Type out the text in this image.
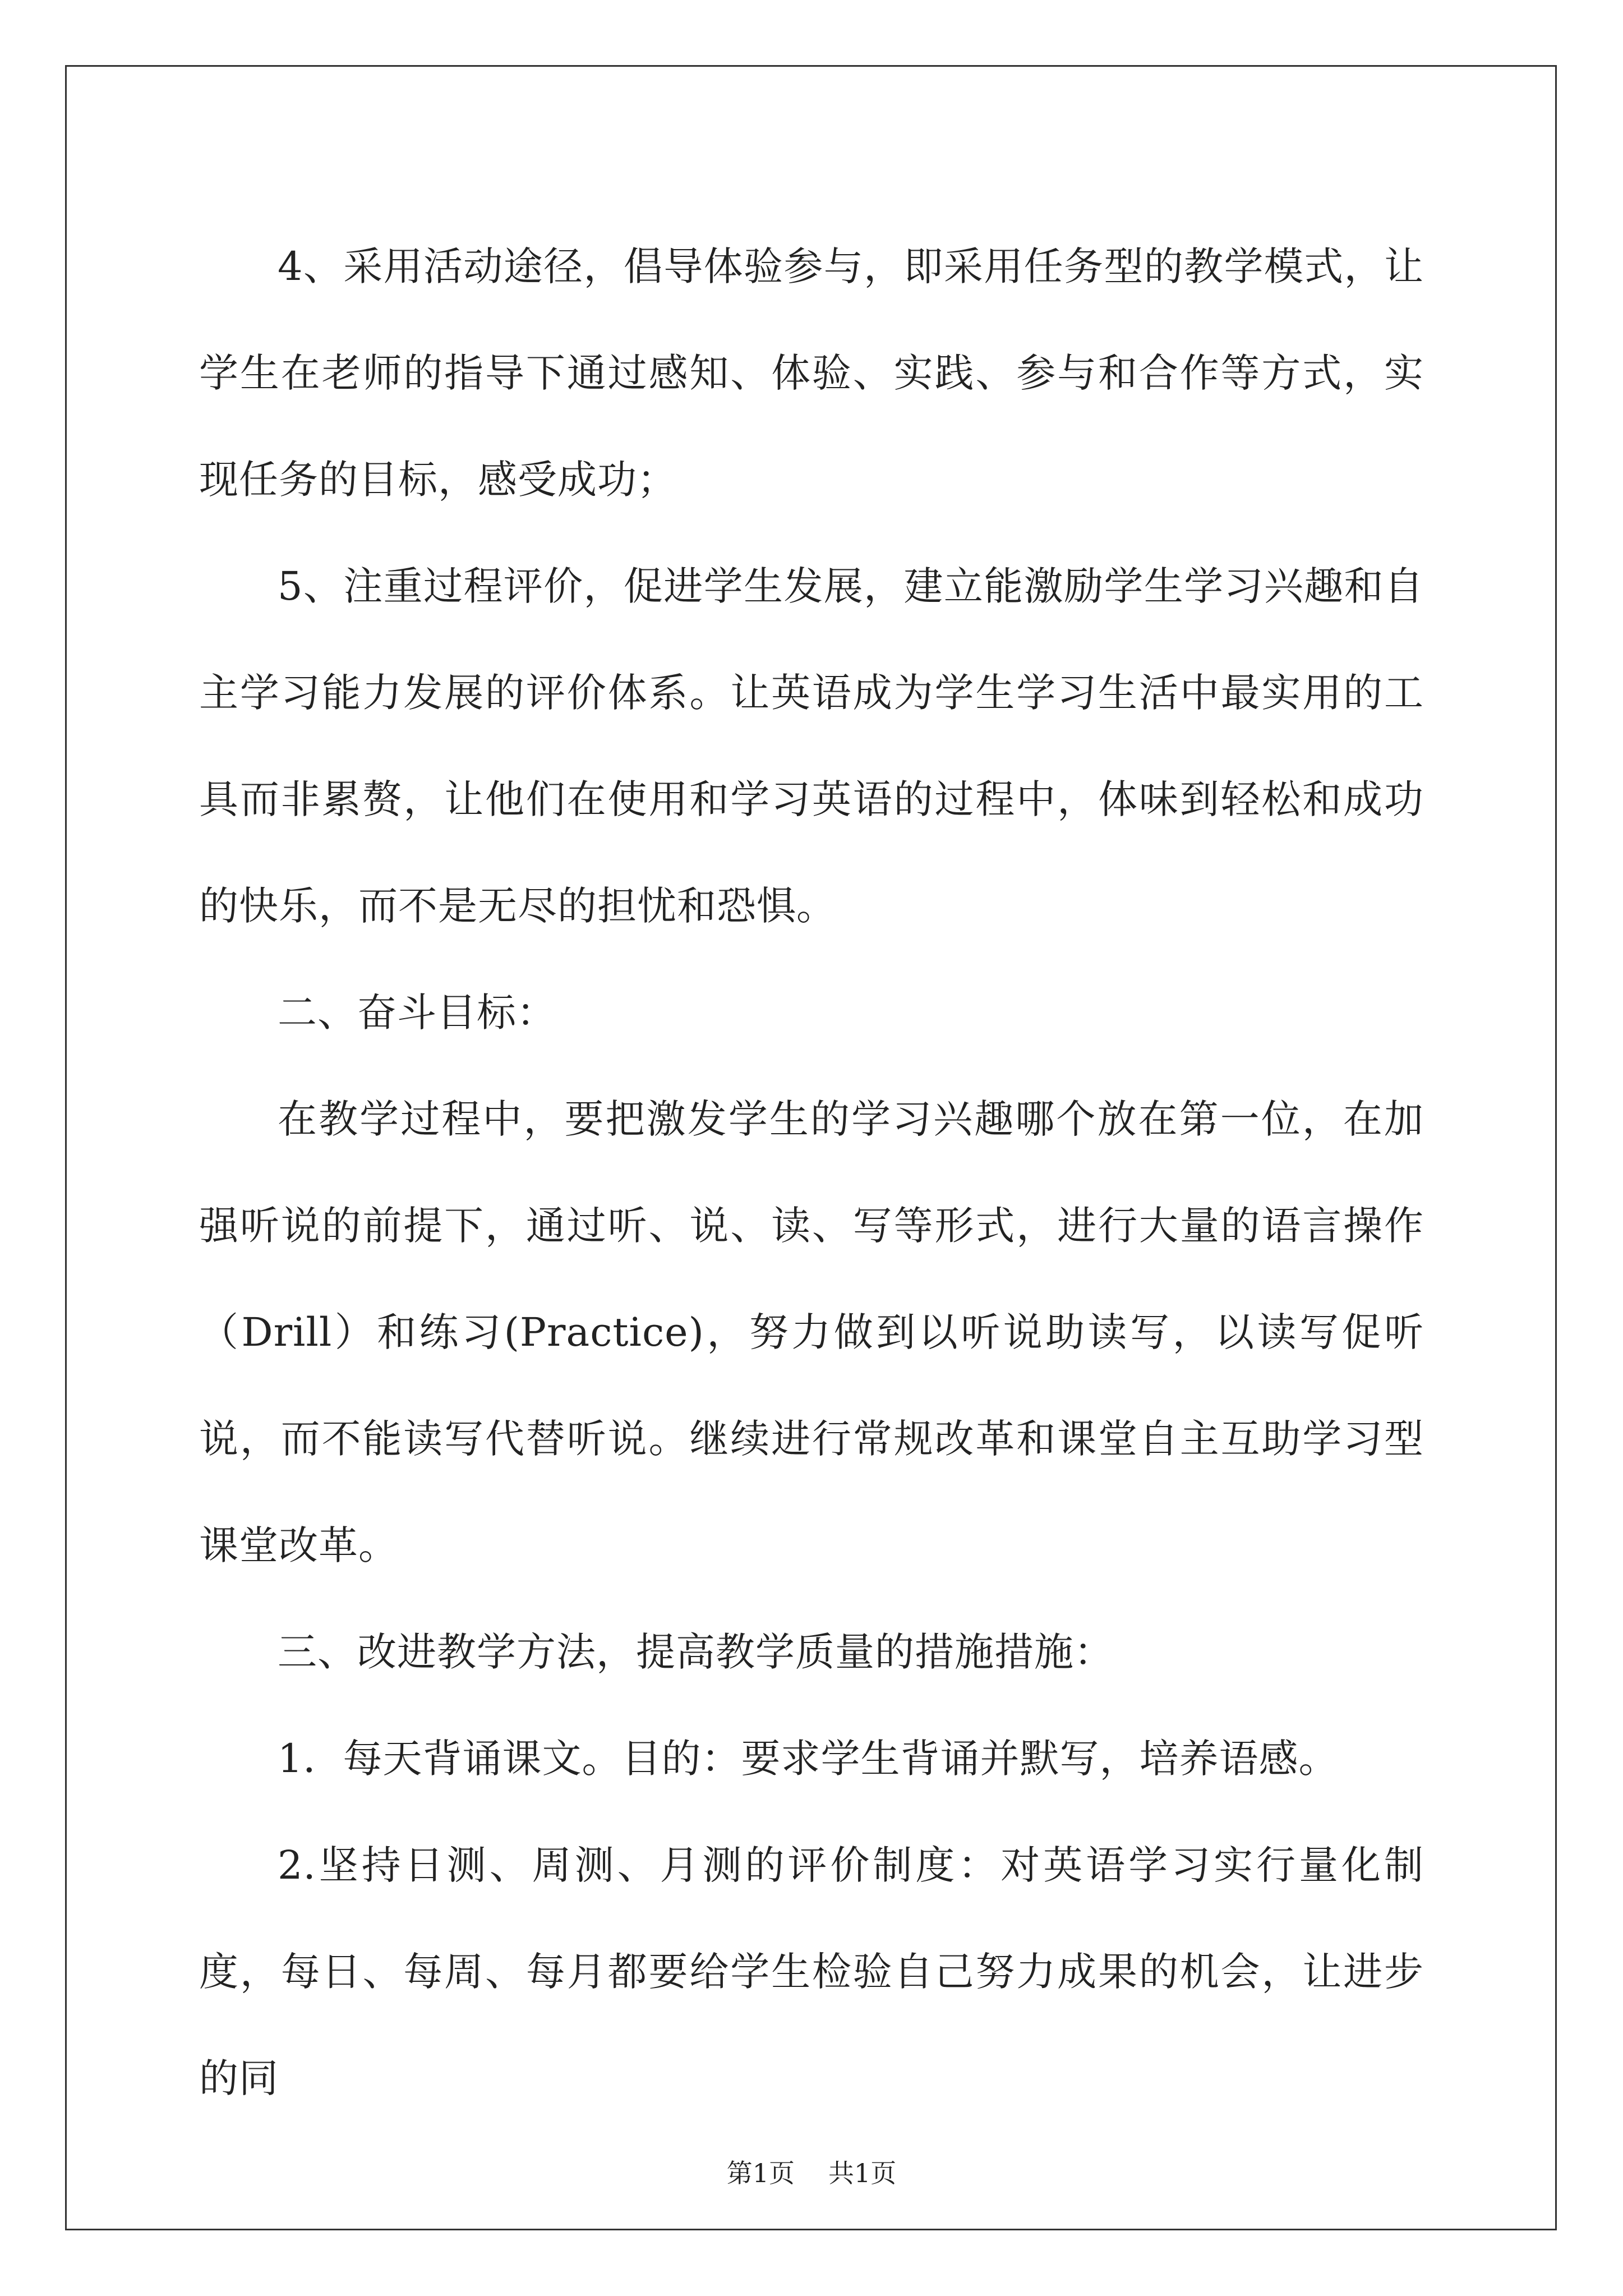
4、采用活动途径，倡导体验参与，即采用任务型的教学模式，让学生在老师的指导下通过感知、体验、实践、参与和合作等方式，实现任务的目标，感受成功；

5、注重过程评价，促进学生发展，建立能激励学生学习兴趣和自主学习能力发展的评价体系。让英语成为学生学习生活中最实用的工具而非累赘，让他们在使用和学习英语的过程中，体味到轻松和成功的快乐，而不是无尽的担忧和恐惧。

二、奋斗目标：

在教学过程中，要把激发学生的学习兴趣哪个放在第一位，在加强听说的前提下，通过听、说、读、写等形式，进行大量的语言操作（Drill）和练习(Practice)，努力做到以听说助读写，以读写促听说，而不能读写代替听说。继续进行常规改革和课堂自主互助学习型课堂改革。

三、改进教学方法，提高教学质量的措施措施：

1．每天背诵课文。目的：要求学生背诵并默写，培养语感。

2.坚持日测、周测、月测的评价制度：对英语学习实行量化制度，每日、每周、每月都要给学生检验自己努力成果的机会，让进步的同

第1页 共1页
